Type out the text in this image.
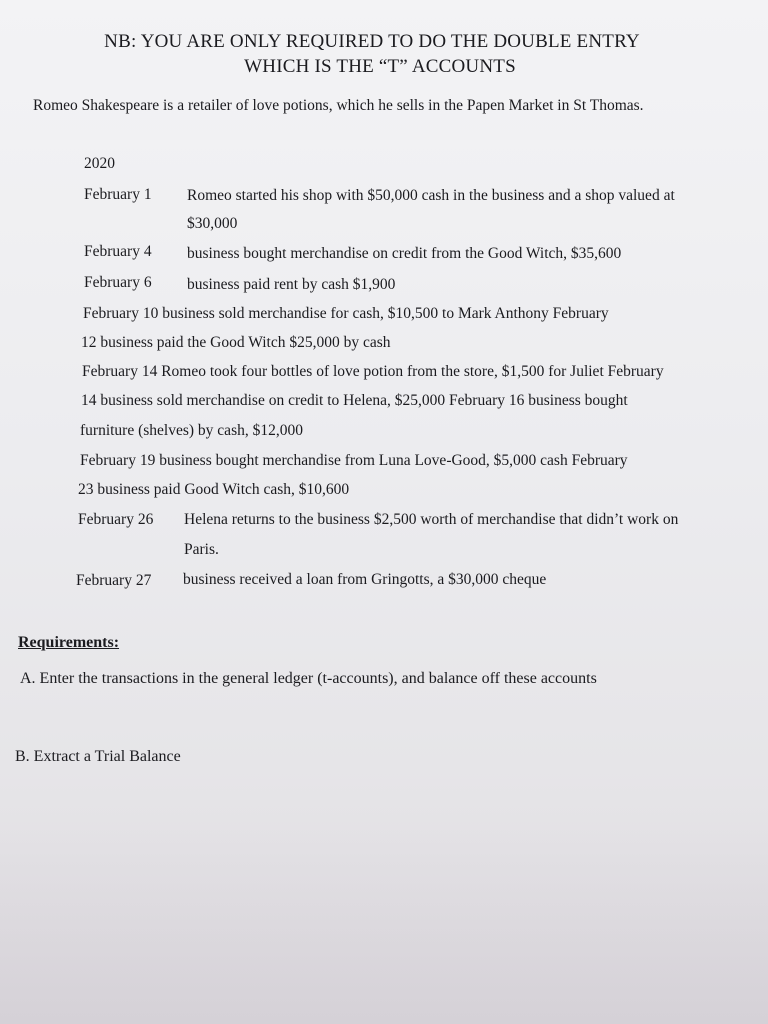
NB: YOU ARE ONLY REQUIRED TO DO THE DOUBLE ENTRY
WHICH IS THE “T” ACCOUNTS
Romeo Shakespeare is a retailer of love potions, which he sells in the Papen Market in St Thomas.
2020
February 1 Romeo started his shop with $50,000 cash in the business and a shop valued at
$30,000
February 4 business bought merchandise on credit from the Good Witch, $35,600
February 6 business paid rent by cash $1,900
February 10 business sold merchandise for cash, $10,500 to Mark Anthony February
12 business paid the Good Witch $25,000 by cash
February 14 Romeo took four bottles of love potion from the store, $1,500 for Juliet February
14 business sold merchandise on credit to Helena, $25,000 February 16 business bought
furniture (shelves) by cash, $12,000
February 19 business bought merchandise from Luna Love-Good, $5,000 cash February
23 business paid Good Witch cash, $10,600
February 26 Helena returns to the business $2,500 worth of merchandise that didn’t work on
Paris.
February 27 business received a loan from Gringotts, a $30,000 cheque
Requirements:
A. Enter the transactions in the general ledger (t-accounts), and balance off these accounts
B. Extract a Trial Balance
